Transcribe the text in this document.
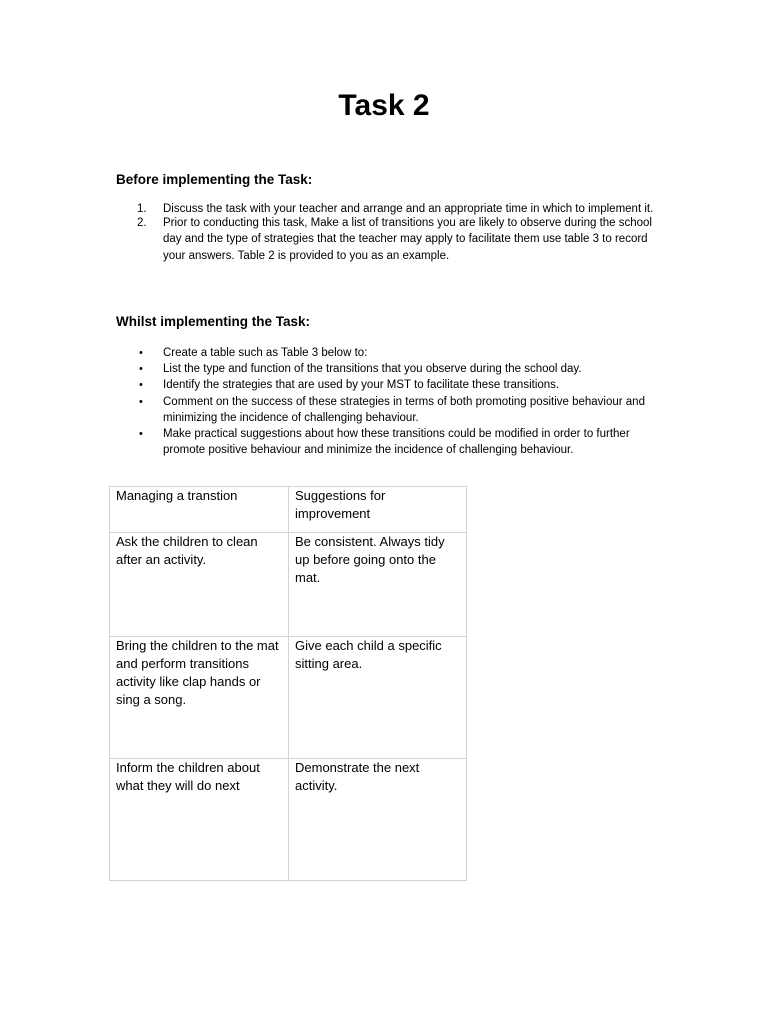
Task 2
Before implementing the Task:
1. Discuss the task with your teacher and arrange and an appropriate time in which to implement it.
2. Prior to conducting this task, Make a list of transitions you are likely to observe during the school day and the type of strategies that the teacher may apply to facilitate them use table 3 to record your answers. Table 2 is provided to you as an example.
Whilst implementing the Task:
• Create a table such as Table 3 below to:
• List the type and function of the transitions that you observe during the school day.
• Identify the strategies that are used by your MST to facilitate these transitions.
• Comment on the success of these strategies in terms of both promoting positive behaviour and minimizing the incidence of challenging behaviour.
• Make practical suggestions about how these transitions could be modified in order to further promote positive behaviour and minimize the incidence of challenging behaviour.
Managing a transtion	Suggestions for improvement

Ask the children to clean after an activity.	Be consistent. Always tidy up before going onto the mat.

Bring the children to the mat and perform transitions activity like clap hands or sing a song.	Give each child a specific sitting area.

Inform the children about what they will do next	Demonstrate the next activity.
